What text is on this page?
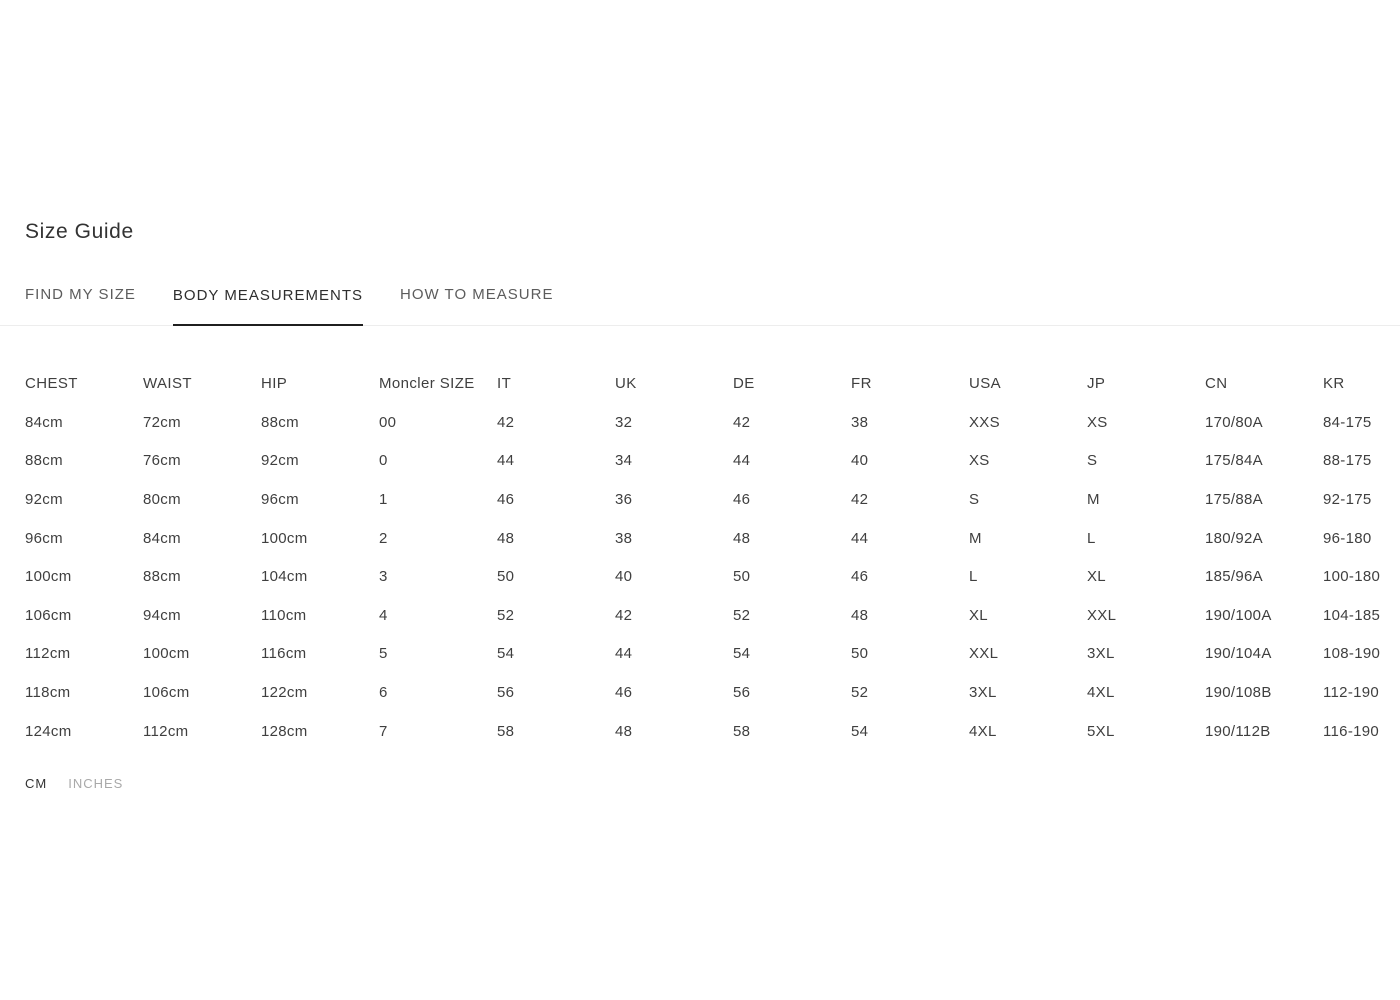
Size Guide
FIND MY SIZE BODY MEASUREMENTS HOW TO MEASURE
CHEST	WAIST	HIP	Moncler SIZE	IT	UK	DE	FR	USA	JP	CN	KR
84cm	72cm	88cm	00	42	32	42	38	XXS	XS	170/80A	84-175
88cm	76cm	92cm	0	44	34	44	40	XS	S	175/84A	88-175
92cm	80cm	96cm	1	46	36	46	42	S	M	175/88A	92-175
96cm	84cm	100cm	2	48	38	48	44	M	L	180/92A	96-180
100cm	88cm	104cm	3	50	40	50	46	L	XL	185/96A	100-180
106cm	94cm	110cm	4	52	42	52	48	XL	XXL	190/100A	104-185
112cm	100cm	116cm	5	54	44	54	50	XXL	3XL	190/104A	108-190
118cm	106cm	122cm	6	56	46	56	52	3XL	4XL	190/108B	112-190
124cm	112cm	128cm	7	58	48	58	54	4XL	5XL	190/112B	116-190
CM INCHES
